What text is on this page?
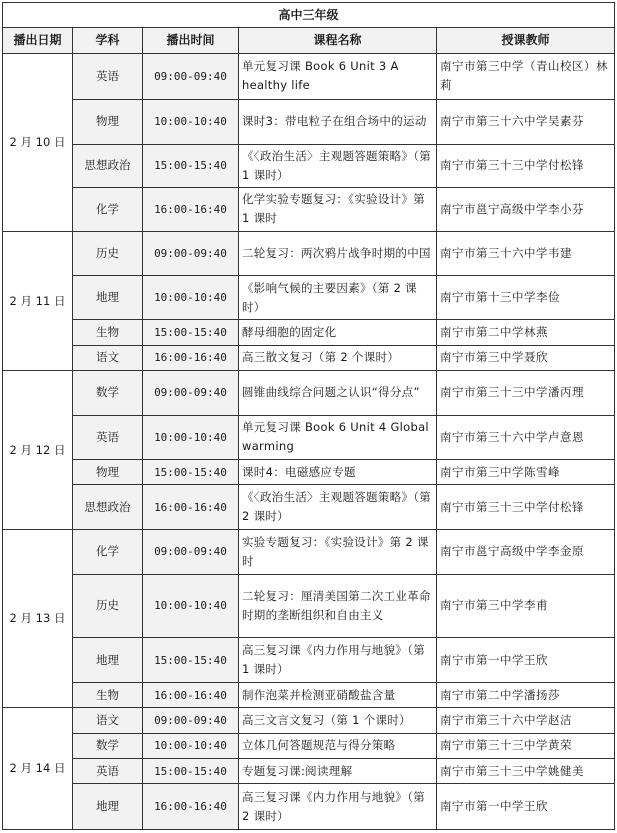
高中三年级				
播出日期	学科	播出时间	课程名称	授课教师
2 月 10 日	英语	09:00-09:40	单元复习课 Book 6 Unit 3 A healthy life	南宁市第三中学（青山校区）林莉
	物理	10:00-10:40	课时3：带电粒子在组合场中的运动	南宁市第三十六中学吴素芬
	思想政治	15:00-15:40	《〈政治生活〉主观题答题策略》（第 1 课时）	南宁市第三十三中学付松锋
	化学	16:00-16:40	化学实验专题复习：《实验设计》第 1 课时	南宁市邕宁高级中学李小芬
2 月 11 日	历史	09:00-09:40	二轮复习：两次鸦片战争时期的中国	南宁市第三十六中学韦建
	地理	10:00-10:40	《影响气候的主要因素》（第 2 课时）	南宁市第十三中学李俭
	生物	15:00-15:40	酵母细胞的固定化	南宁市第二中学林燕
	语文	16:00-16:40	高三散文复习（第 2 个课时）	南宁市第三中学聂欣
2 月 12 日	数学	09:00-09:40	圆锥曲线综合问题之认识“得分点”	南宁市第三十三中学潘丙理
	英语	10:00-10:40	单元复习课 Book 6 Unit 4 Global warming	南宁市第三十六中学卢意恩
	物理	15:00-15:40	课时4：电磁感应专题	南宁市第三中学陈雪峰
	思想政治	16:00-16:40	《〈政治生活〉主观题答题策略》（第 2 课时）	南宁市第三十三中学付松锋
2 月 13 日	化学	09:00-09:40	实验专题复习：《实验设计》第 2 课时	南宁市邕宁高级中学李金原
	历史	10:00-10:40	二轮复习：厘清美国第二次工业革命时期的垄断组织和自由主义	南宁市第三中学李甫
	地理	15:00-15:40	高三复习课《内力作用与地貌》（第 1 课时）	南宁市第一中学王欣
	生物	16:00-16:40	制作泡菜并检测亚硝酸盐含量	南宁市第二中学潘扬莎
2 月 14 日	语文	09:00-09:40	高三文言文复习（第 1 个课时）	南宁市第三十六中学赵洁
	数学	10:00-10:40	立体几何答题规范与得分策略	南宁市第三十三中学黄荣
	英语	15:00-15:40	专题复习课:阅读理解	南宁市第三十三中学姚健美
	地理	16:00-16:40	高三复习课《内力作用与地貌》（第 2 课时）	南宁市第一中学王欣
